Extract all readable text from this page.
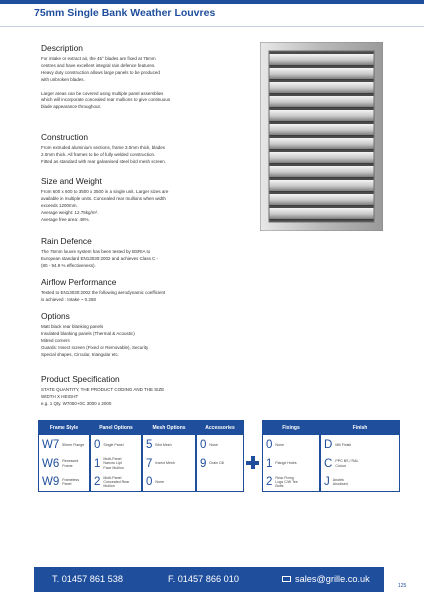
75mm Single Bank Weather Louvres
Description

For intake or extract air, the 45° blades are fixed at 75mm
centres and have excellent integral rain defence features.
Heavy duty construction allows large panels to be produced
with unbroken blades.

Larger areas can be covered using multiple panel assemblies
which will incorporate concealed rear mullions to give continuous
blade appearance throughout.

Construction

From extruded aluminium sections, frame 3.0mm thick, blades
2.0mm thick. All frames to be of fully welded construction.
Fitted as standard with rear galvanised steel bird mesh screen.

Size and Weight

From 600 x 600 to 3500 x 3500 in a single unit. Larger sizes are
available in multiple units. Concealed rear mullions when width
exceeds 1200mm.
Average weight: 12.75kg/m².
Average free area: 48%.

Rain Defence

The 75mm louvre system has been tested by BSRIA to
European standard EN13030:2002 and achieves Class C -
(80 - 94.9 % effectiveness).

Airflow Performance

Tested to EN13030:2002 the following aerodynamic coefficient
is achieved : Intake ~ 0.258

Options

Matt black rear blanking panels
Insulated blanking panels (Thermal & Acoustic)
Mitred corners
Guards: Insect screen (Fixed or Removable), Security
Special shapes, Circular, triangular etc.

Product Specification

STATE QUANTITY, THE PRODUCT CODING AND THE SIZE
WIDTH X HEIGHT
e.g. 1 Qty. W7050+0C 3000 x 2000

Frame Style
W7 50mm Flange
W6 Recessed Frame
W9 Frameless Panel
Panel Options
0 Single Panel
1 Multi-Panel Narrow Lipt Face Mullion
2 Multi-Panel Concealed Rear Mullion
Mesh Options
5 Bird Mesh
7 Insect Mesh
0 None
Accessories
0 None
9 Drain Cill
Fixings
0 None
1 Flange Holes
2 Rear Fixing Lugs C/W Tee Bolts
Finish
D Mill Finish
C PPC BS / RAL Colour
J Anotek Anodised
T. 01457 861 538	F. 01457 866 010	sales@grille.co.uk
125
